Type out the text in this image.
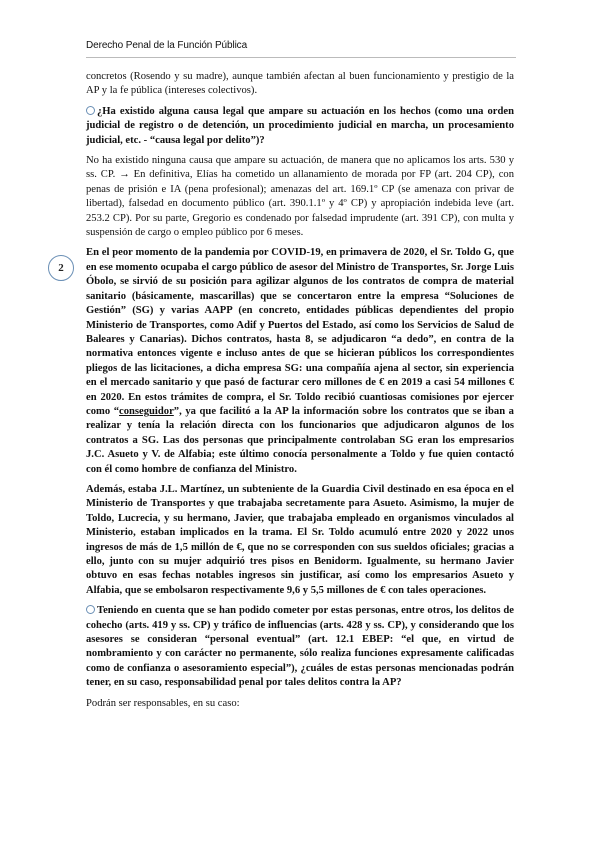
Derecho Penal de la Función Pública
2

concretos (Rosendo y su madre), aunque también afectan al buen funcionamiento y prestigio de la AP y la fe pública (intereses colectivos).

¿Ha existido alguna causa legal que ampare su actuación en los hechos (como una orden judicial de registro o de detención, un procedimiento judicial en marcha, un procesamiento judicial, etc. - “causa legal por delito”)?

No ha existido ninguna causa que ampare su actuación, de manera que no aplicamos los arts. 530 y ss. CP. → En definitiva, Elías ha cometido un allanamiento de morada por FP (art. 204 CP), con penas de prisión e IA (pena profesional); amenazas del art. 169.1º CP (se amenaza con privar de libertad), falsedad en documento público (art. 390.1.1º y 4º CP) y apropiación indebida leve (art. 253.2 CP). Por su parte, Gregorio es condenado por falsedad imprudente (art. 391 CP), con multa y suspensión de cargo o empleo público por 6 meses.

En el peor momento de la pandemia por COVID-19, en primavera de 2020, el Sr. Toldo G, que en ese momento ocupaba el cargo público de asesor del Ministro de Transportes, Sr. Jorge Luis Óbolo, se sirvió de su posición para agilizar algunos de los contratos de compra de material sanitario (básicamente, mascarillas) que se concertaron entre la empresa “Soluciones de Gestión” (SG) y varias AAPP (en concreto, entidades públicas dependientes del propio Ministerio de Transportes, como Adif y Puertos del Estado, así como los Servicios de Salud de Baleares y Canarias). Dichos contratos, hasta 8, se adjudicaron “a dedo”, en contra de la normativa entonces vigente e incluso antes de que se hicieran públicos los correspondientes pliegos de las licitaciones, a dicha empresa SG: una compañía ajena al sector, sin experiencia en el mercado sanitario y que pasó de facturar cero millones de € en 2019 a casi 54 millones € en 2020. En estos trámites de compra, el Sr. Toldo recibió cuantiosas comisiones por ejercer como “conseguidor”, ya que facilitó a la AP la información sobre los contratos que se iban a realizar y tenía la relación directa con los funcionarios que adjudicaron algunos de los contratos a SG. Las dos personas que principalmente controlaban SG eran los empresarios J.C. Asueto y V. de Alfabia; este último conocía personalmente a Toldo y fue quien contactó con él como hombre de confianza del Ministro.

Además, estaba J.L. Martínez, un subteniente de la Guardia Civil destinado en esa época en el Ministerio de Transportes y que trabajaba secretamente para Asueto. Asimismo, la mujer de Toldo, Lucrecia, y su hermano, Javier, que trabajaba empleado en organismos vinculados al Ministerio, estaban implicados en la trama. El Sr. Toldo acumuló entre 2020 y 2022 unos ingresos de más de 1,5 millón de €, que no se corresponden con sus sueldos oficiales; gracias a ello, junto con su mujer adquirió tres pisos en Benidorm. Igualmente, su hermano Javier obtuvo en esas fechas notables ingresos sin justificar, así como los empresarios Asueto y Alfabia, que se embolsaron respectivamente 9,6 y 5,5 millones de € con tales operaciones.

Teniendo en cuenta que se han podido cometer por estas personas, entre otros, los delitos de cohecho (arts. 419 y ss. CP) y tráfico de influencias (arts. 428 y ss. CP), y considerando que los asesores se consideran “personal eventual” (art. 12.1 EBEP: “el que, en virtud de nombramiento y con carácter no permanente, sólo realiza funciones expresamente calificadas como de confianza o asesoramiento especial”), ¿cuáles de estas personas mencionadas podrán tener, en su caso, responsabilidad penal por tales delitos contra la AP?

Podrán ser responsables, en su caso:
